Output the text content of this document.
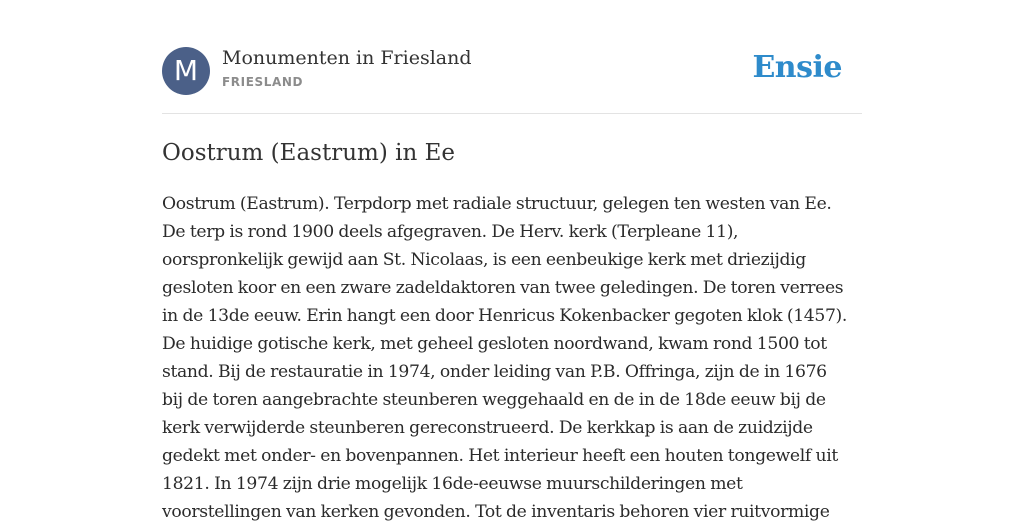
M	Monumenten in Friesland
FRIESLAND	Ensie
Oostrum (Eastrum) in Ee
Oostrum (Eastrum). Terpdorp met radiale structuur, gelegen ten westen van Ee.
De terp is rond 1900 deels afgegraven. De Herv. kerk (Terpleane 11),
oorspronkelijk gewijd aan St. Nicolaas, is een eenbeukige kerk met driezijdig
gesloten koor en een zware zadeldaktoren van twee geledingen. De toren verrees
in de 13de eeuw. Erin hangt een door Henricus Kokenbacker gegoten klok (1457).
De huidige gotische kerk, met geheel gesloten noordwand, kwam rond 1500 tot
stand. Bij de restauratie in 1974, onder leiding van P.B. Offringa, zijn de in 1676
bij de toren aangebrachte steunberen weggehaald en de in de 18de eeuw bij de
kerk verwijderde steunberen gereconstrueerd. De kerkkap is aan de zuidzijde
gedekt met onder- en bovenpannen. Het interieur heeft een houten tongewelf uit
1821. In 1974 zijn drie mogelijk 16de-eeuwse muurschilderingen met
voorstellingen van kerken gevonden. Tot de inventaris behoren vier ruitvormige
